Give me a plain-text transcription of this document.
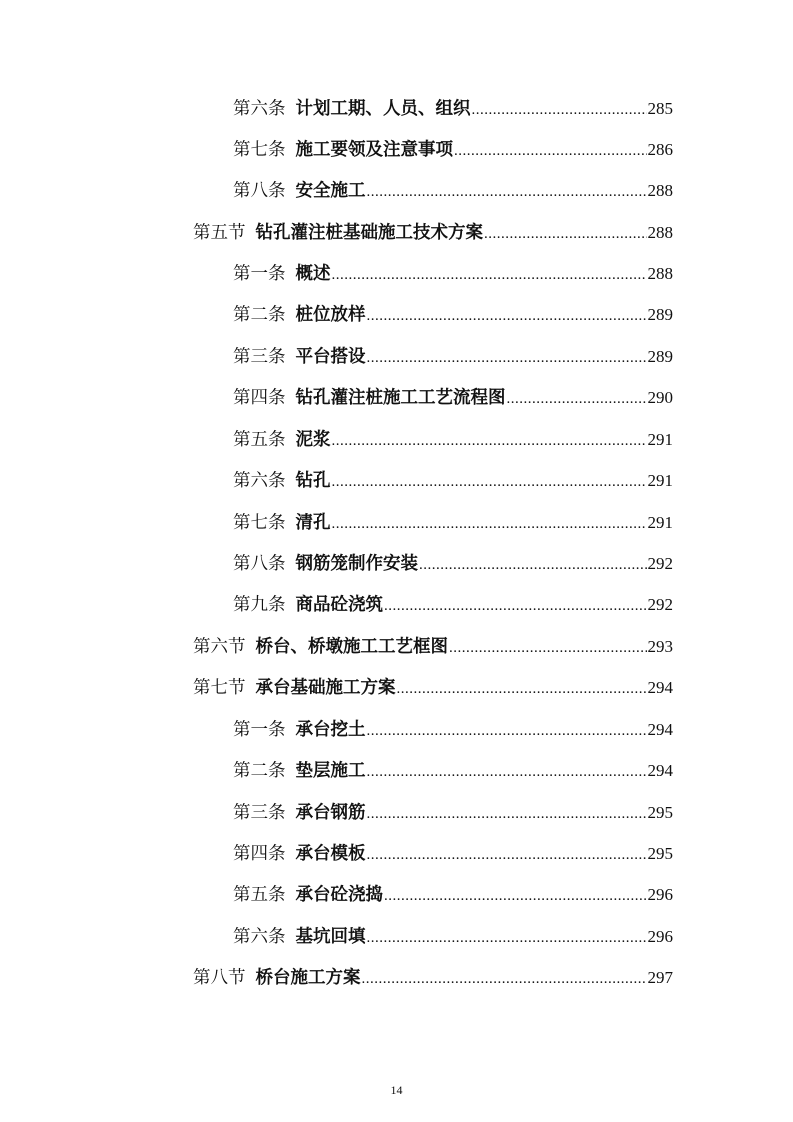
第六条 计划工期、人员、组织 .....	285
第七条 施工要领及注意事项 .....	286
第八条 安全施工 .....	288
第五节 钻孔灌注桩基础施工技术方案 .....	288
第一条 概述 .....	288
第二条 桩位放样 .....	289
第三条 平台搭设 .....	289
第四条 钻孔灌注桩施工工艺流程图 .....	290
第五条 泥浆 .....	291
第六条 钻孔 .....	291
第七条 清孔 .....	291
第八条 钢筋笼制作安装 .....	292
第九条 商品砼浇筑 .....	292
第六节 桥台、桥墩施工工艺框图 .....	293
第七节 承台基础施工方案 .....	294
第一条 承台挖土 .....	294
第二条 垫层施工 .....	294
第三条 承台钢筋 .....	295
第四条 承台模板 .....	295
第五条 承台砼浇捣 .....	296
第六条 基坑回填 .....	296
第八节 桥台施工方案 .....	297
14
